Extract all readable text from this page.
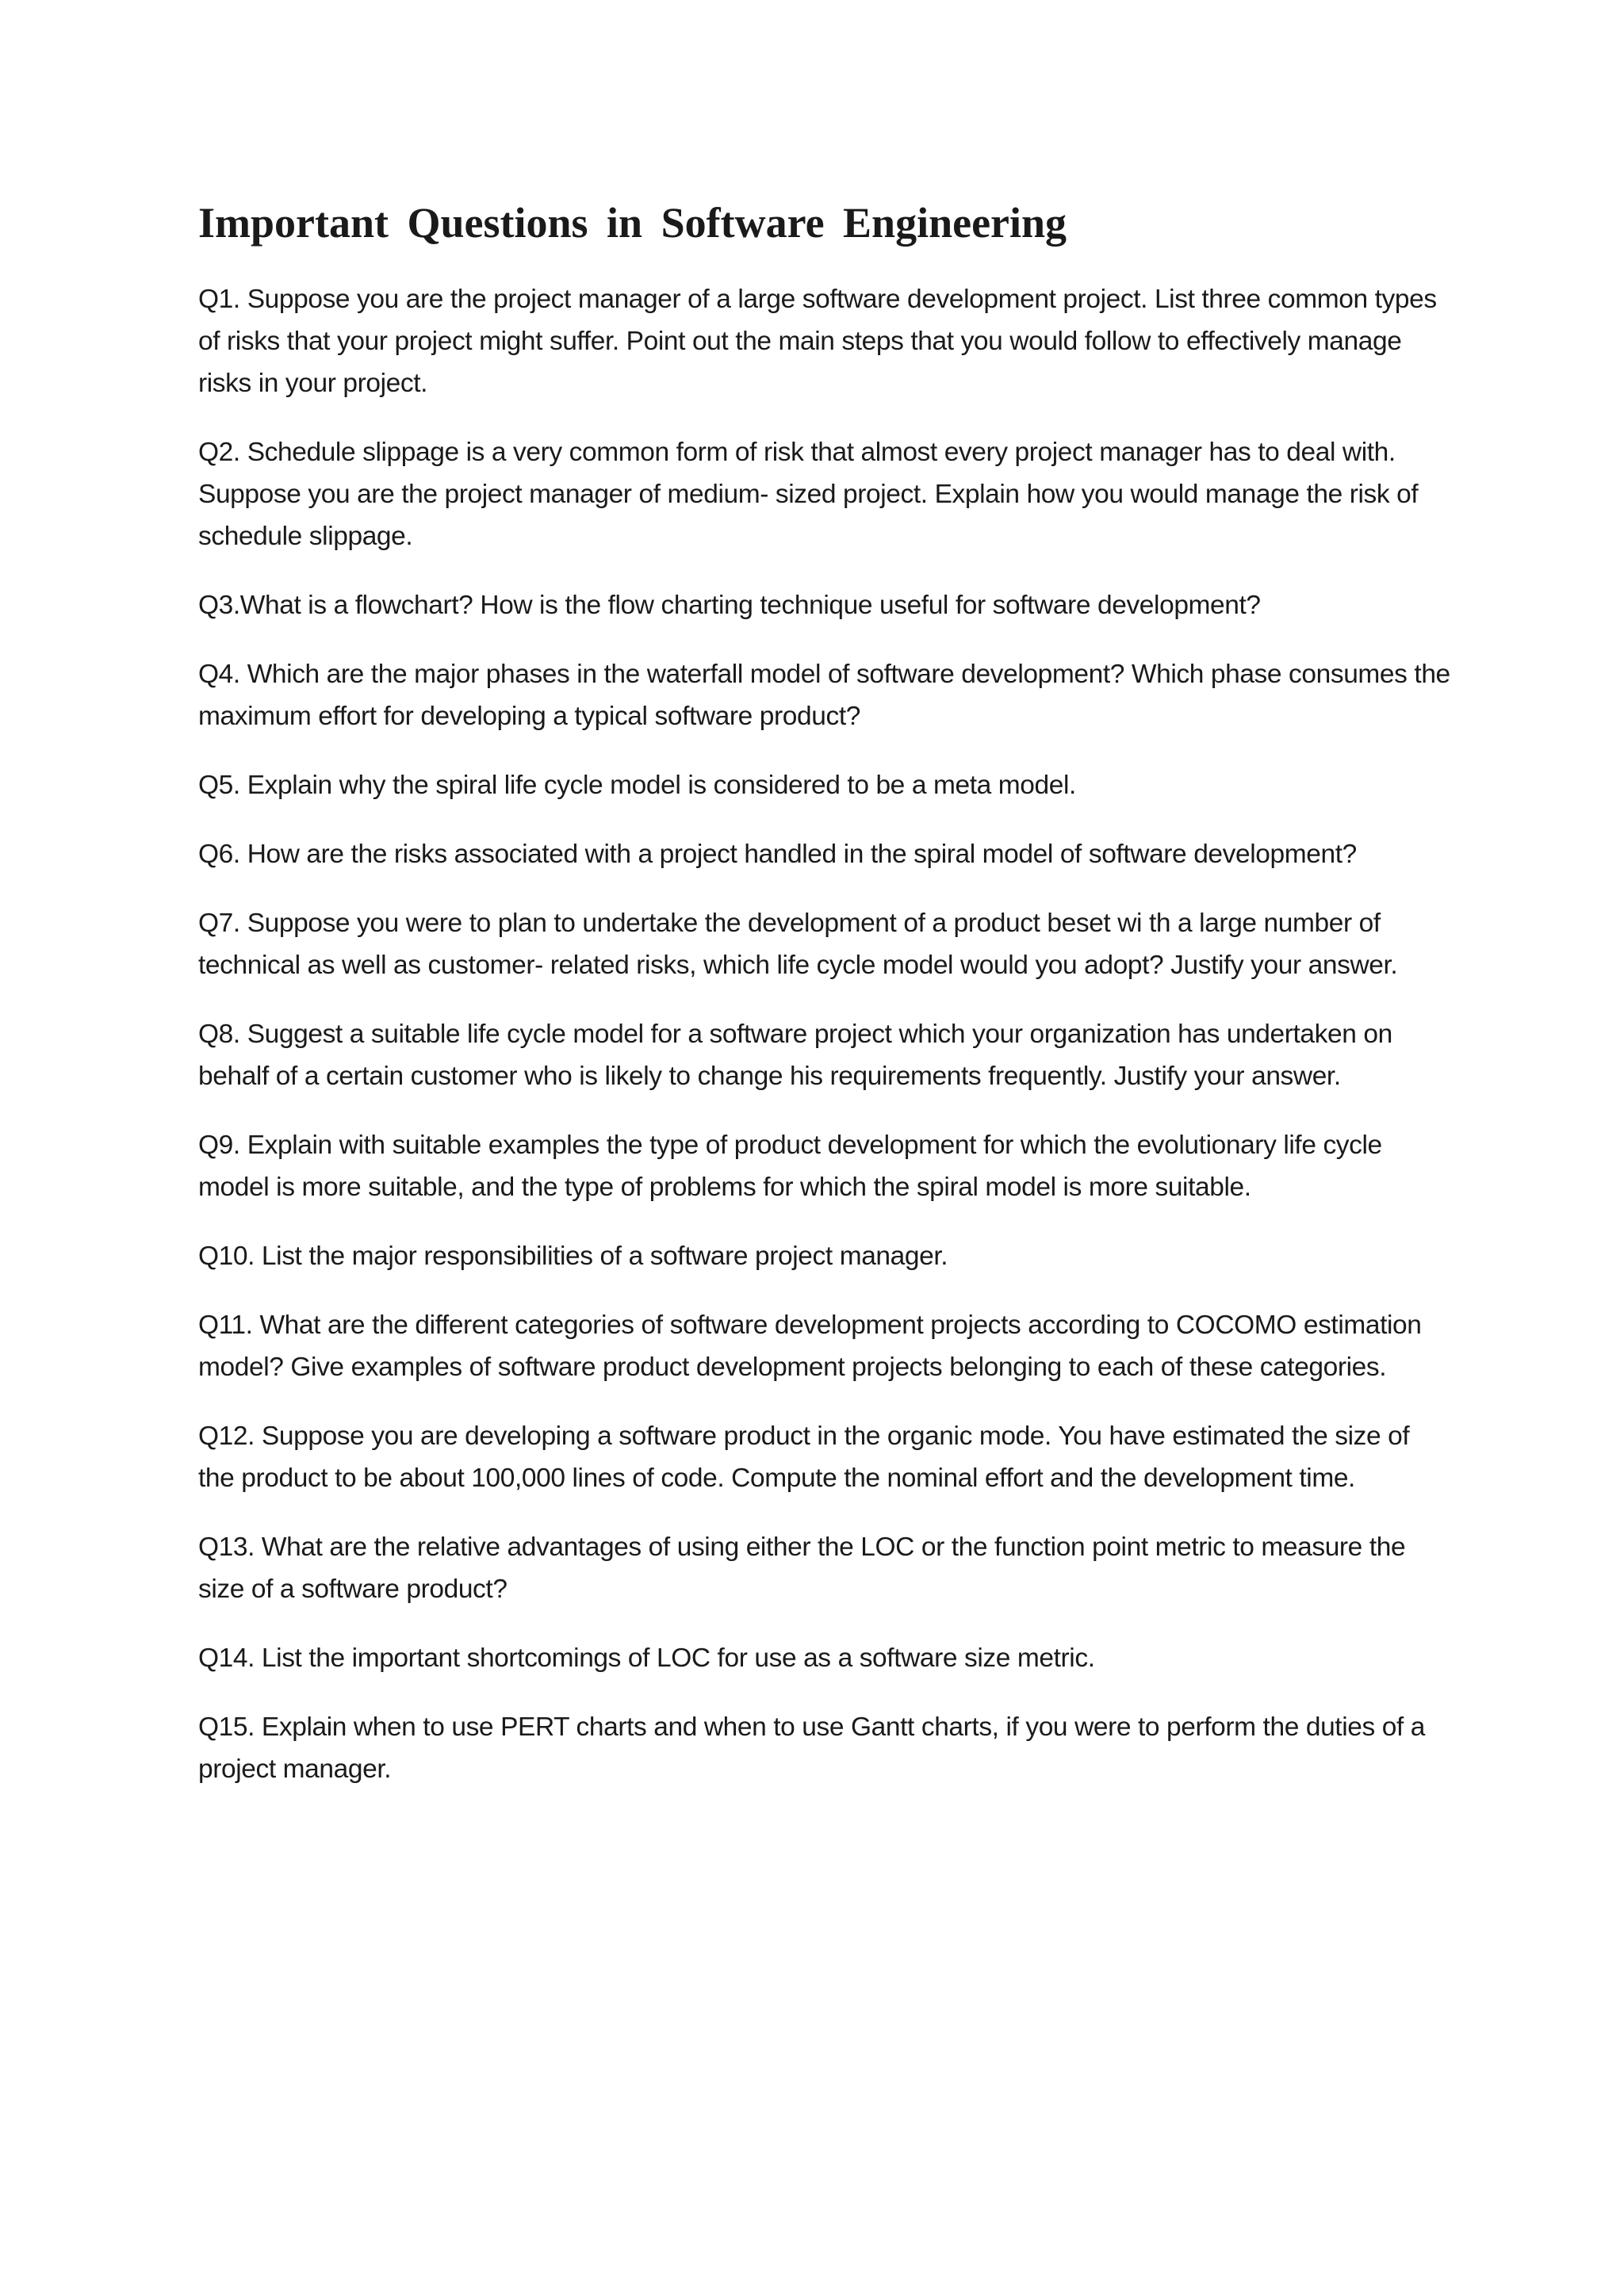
Important Questions in Software Engineering
Q1. Suppose you are the project manager of a large software development project. List three common types of risks that your project might suffer. Point out the main steps that you would follow to effectively manage risks in your project.
Q2. Schedule slippage is a very common form of risk that almost every project manager has to deal with. Suppose you are the project manager of medium- sized project. Explain how you would manage the risk of schedule slippage.
Q3.What is a flowchart? How is the flow charting technique useful for software development?
Q4. Which are the major phases in the waterfall model of software development? Which phase consumes the maximum effort for developing a typical software product?
Q5. Explain why the spiral life cycle model is considered to be a meta model.
Q6. How are the risks associated with a project handled in the spiral model of software development?
Q7. Suppose you were to plan to undertake the development of a product beset wi th a large number of technical as well as customer- related risks, which life cycle model would you adopt? Justify your answer.
Q8. Suggest a suitable life cycle model for a software project which your organization has undertaken on behalf of a certain customer who is likely to change his requirements frequently. Justify your answer.
Q9. Explain with suitable examples the type of product development for which the evolutionary life cycle model is more suitable, and the type of problems for which the spiral model is more suitable.
Q10. List the major responsibilities of a software project manager.
Q11. What are the different categories of software development projects according to COCOMO estimation model? Give examples of software product development projects belonging to each of these categories.
Q12. Suppose you are developing a software product in the organic mode. You have estimated the size of the product to be about 100,000 lines of code. Compute the nominal effort and the development time.
Q13. What are the relative advantages of using either the LOC or the function point metric to measure the size of a software product?
Q14. List the important shortcomings of LOC for use as a software size metric.
Q15. Explain when to use PERT charts and when to use Gantt charts, if you were to perform the duties of a project manager.
